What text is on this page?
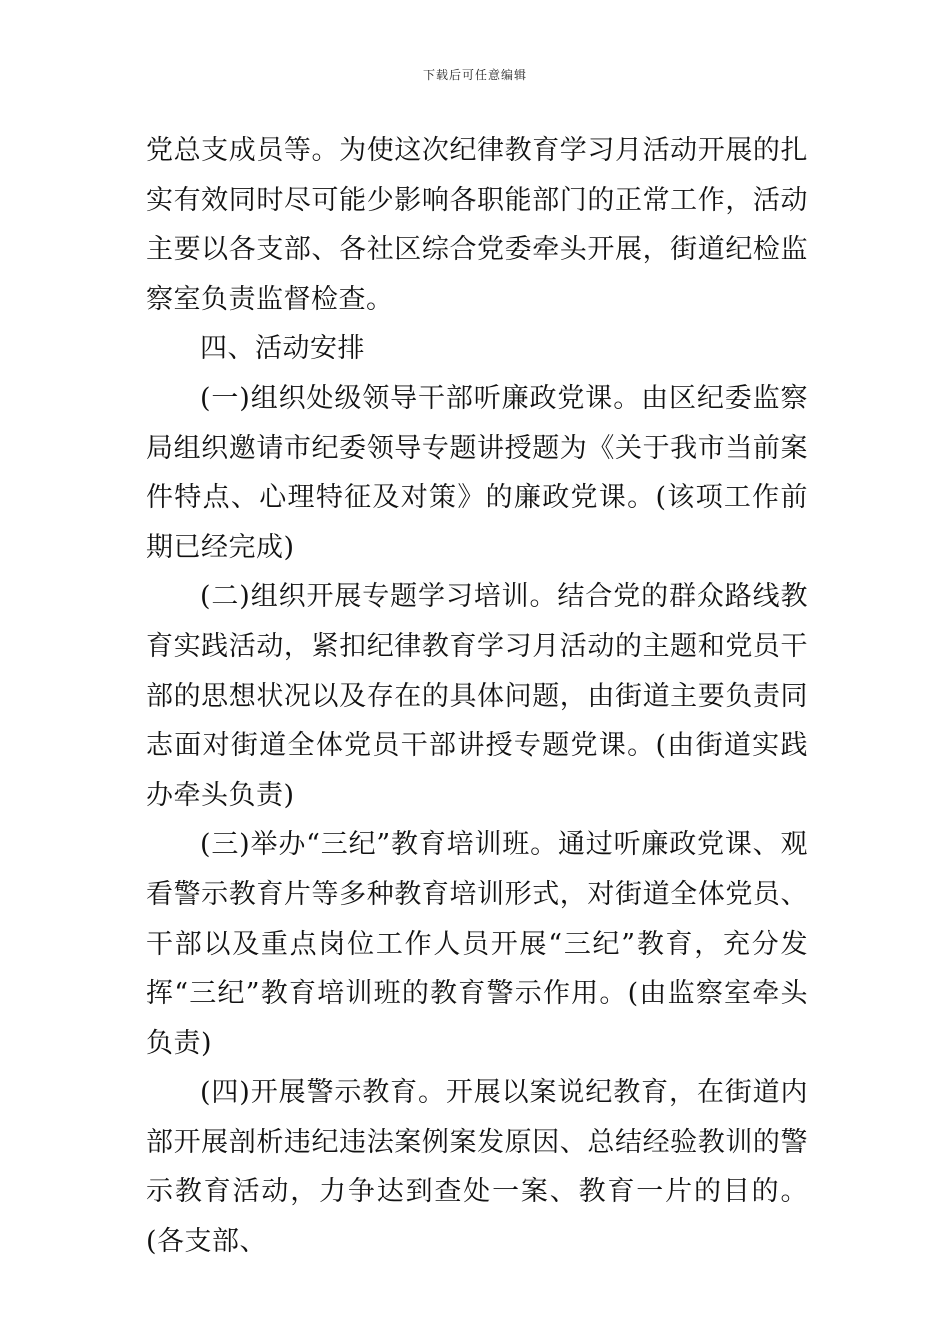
下载后可任意编辑

党总支成员等。为使这次纪律教育学习月活动开展的扎实有效同时尽可能少影响各职能部门的正常工作，活动主要以各支部、各社区综合党委牵头开展，街道纪检监察室负责监督检查。

四、活动安排

(一)组织处级领导干部听廉政党课。由区纪委监察局组织邀请市纪委领导专题讲授题为《关于我市当前案件特点、心理特征及对策》的廉政党课。(该项工作前期已经完成)

(二)组织开展专题学习培训。结合党的群众路线教育实践活动，紧扣纪律教育学习月活动的主题和党员干部的思想状况以及存在的具体问题，由街道主要负责同志面对街道全体党员干部讲授专题党课。(由街道实践办牵头负责)

(三)举办“三纪”教育培训班。通过听廉政党课、观看警示教育片等多种教育培训形式，对街道全体党员、干部以及重点岗位工作人员开展“三纪”教育，充分发挥“三纪”教育培训班的教育警示作用。(由监察室牵头负责)

(四)开展警示教育。开展以案说纪教育，在街道内部开展剖析违纪违法案例案发原因、总结经验教训的警示教育活动，力争达到查处一案、教育一片的目的。(各支部、
